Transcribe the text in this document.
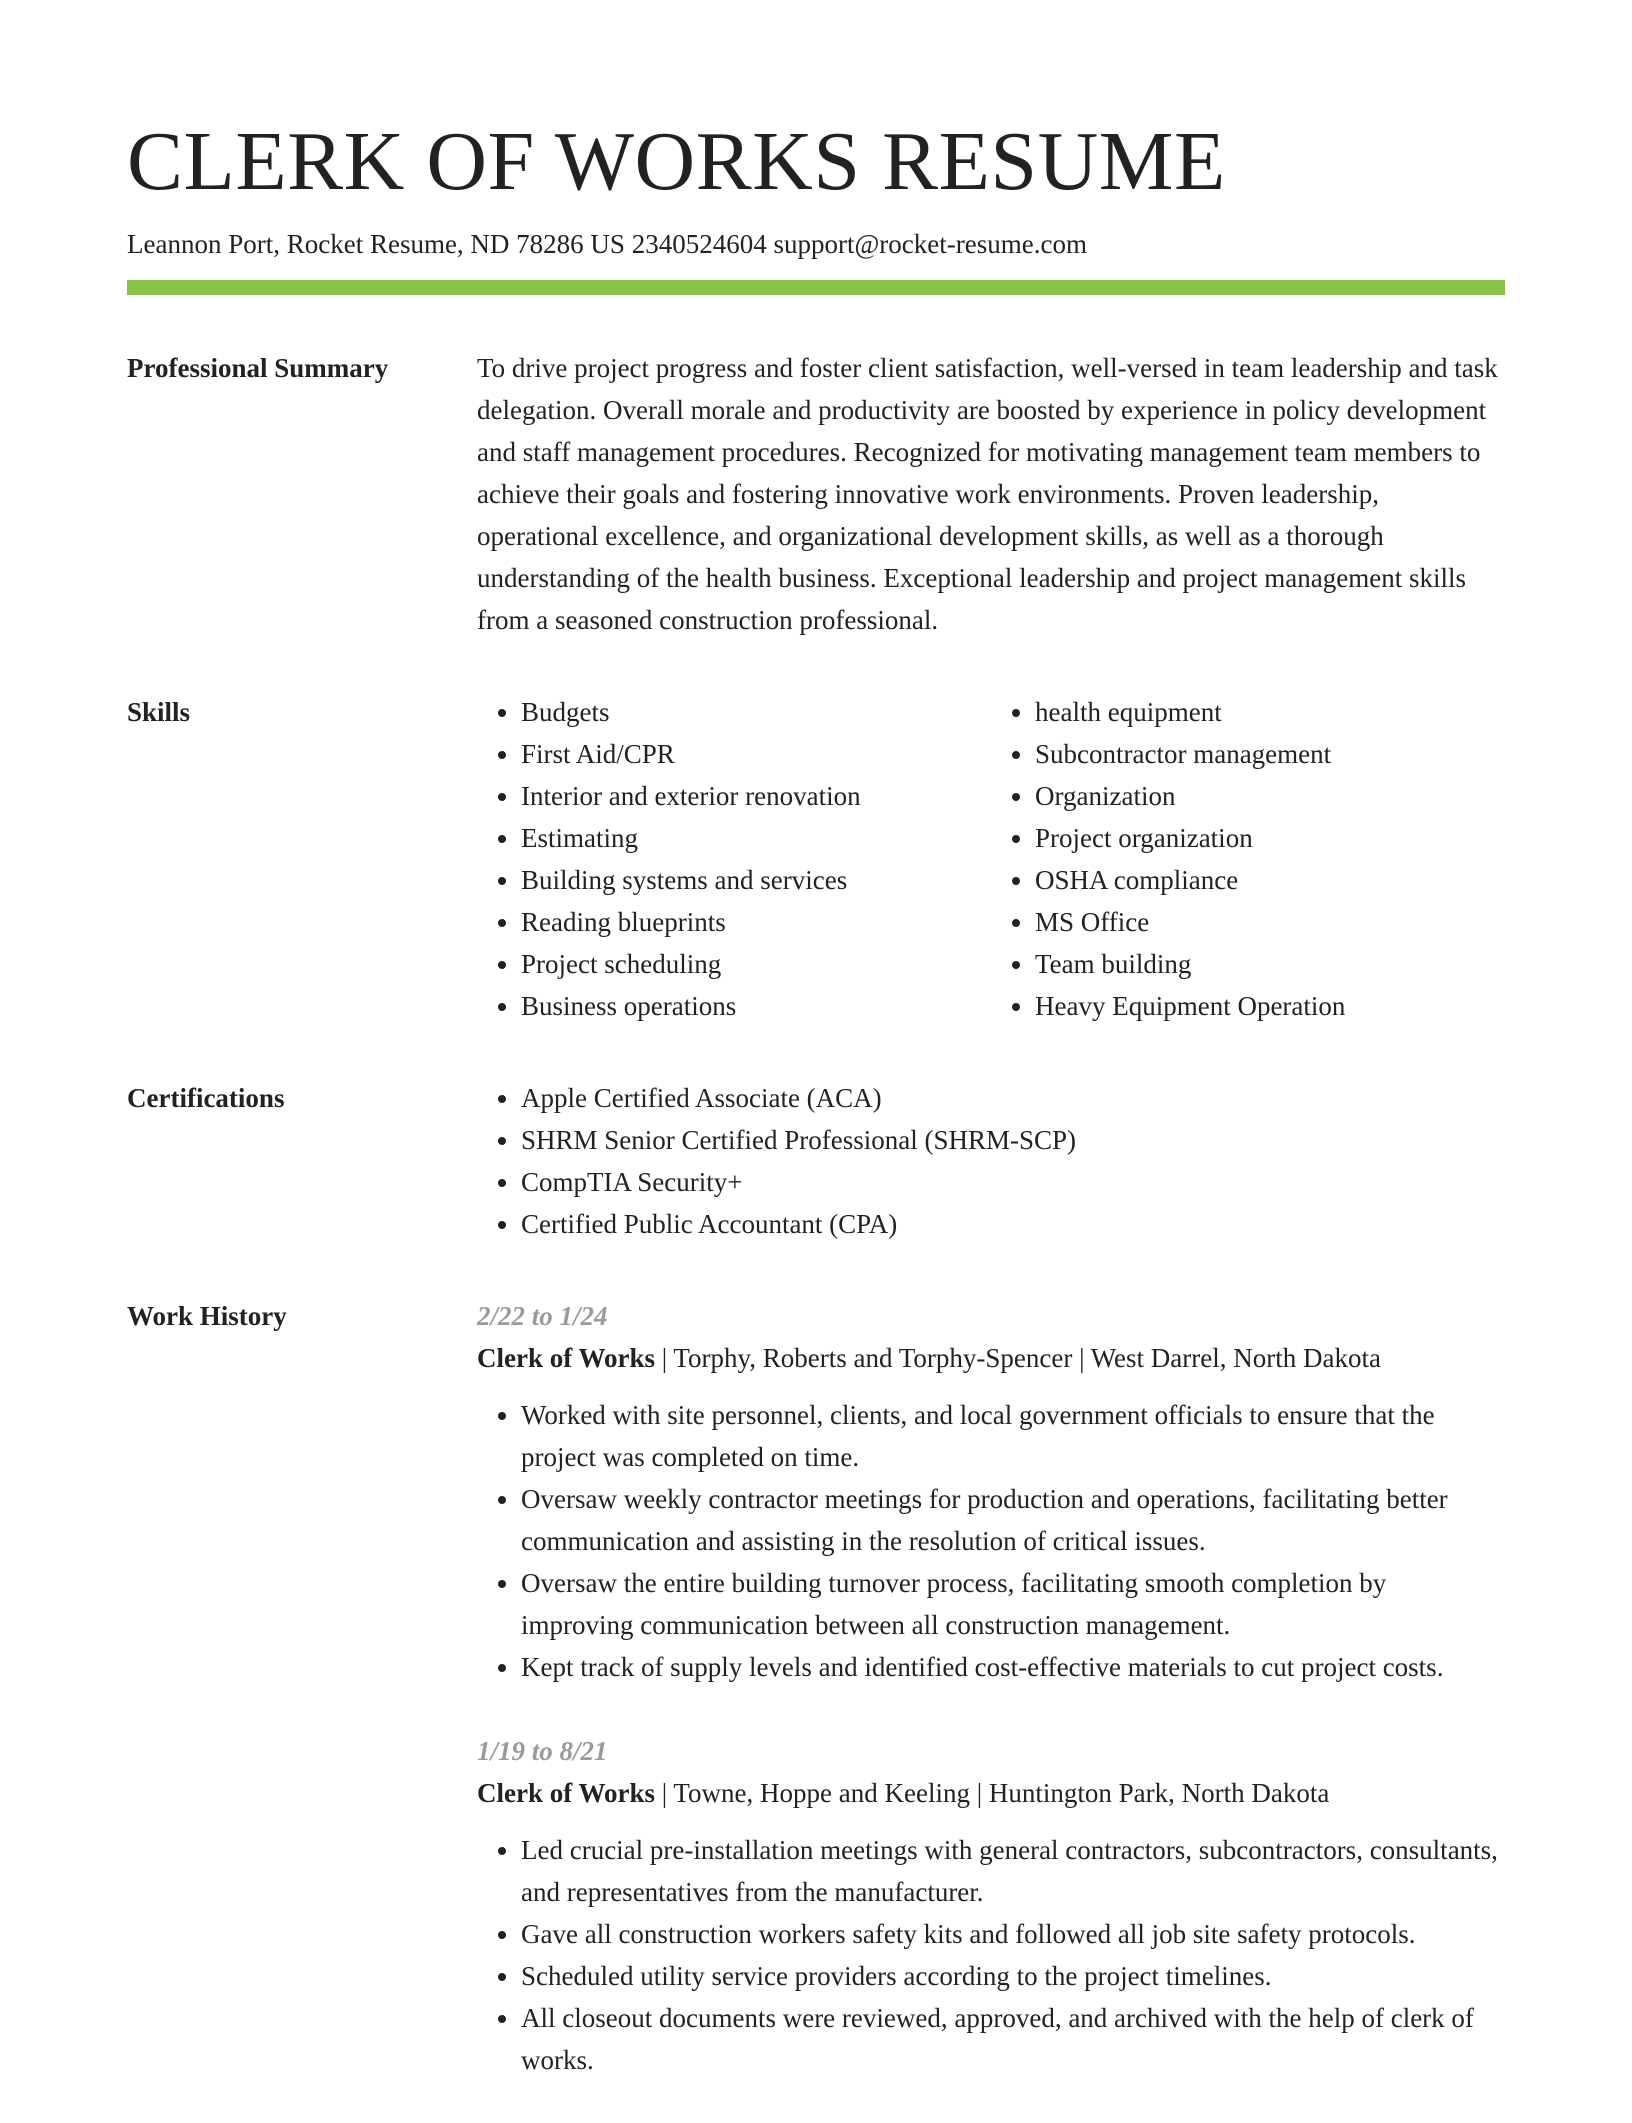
CLERK OF WORKS RESUME
Leannon Port, Rocket Resume, ND 78286 US 2340524604 support@rocket-resume.com
Professional Summary	To drive project progress and foster client satisfaction, well-versed in team leadership and task delegation. Overall morale and productivity are boosted by experience in policy development and staff management procedures. Recognized for motivating management team members to achieve their goals and fostering innovative work environments. Proven leadership, operational excellence, and organizational development skills, as well as a thorough understanding of the health business. Exceptional leadership and project management skills from a seasoned construction professional.

Skills	• Budgets
• First Aid/CPR
• Interior and exterior renovation
• Estimating
• Building systems and services
• Reading blueprints
• Project scheduling
• Business operations
• health equipment
• Subcontractor management
• Organization
• Project organization
• OSHA compliance
• MS Office
• Team building
• Heavy Equipment Operation
Certifications	• Apple Certified Associate (ACA)
• SHRM Senior Certified Professional (SHRM-SCP)
• CompTIA Security+
• Certified Public Accountant (CPA)
Work History	2/22 to 1/24
Clerk of Works | Torphy, Roberts and Torphy-Spencer | West Darrel, North Dakota
• Worked with site personnel, clients, and local government officials to ensure that the project was completed on time.
• Oversaw weekly contractor meetings for production and operations, facilitating better communication and assisting in the resolution of critical issues.
• Oversaw the entire building turnover process, facilitating smooth completion by improving communication between all construction management.
• Kept track of supply levels and identified cost-effective materials to cut project costs.
1/19 to 8/21
Clerk of Works | Towne, Hoppe and Keeling | Huntington Park, North Dakota
• Led crucial pre-installation meetings with general contractors, subcontractors, consultants, and representatives from the manufacturer.
• Gave all construction workers safety kits and followed all job site safety protocols.
• Scheduled utility service providers according to the project timelines.
• All closeout documents were reviewed, approved, and archived with the help of clerk of works.
